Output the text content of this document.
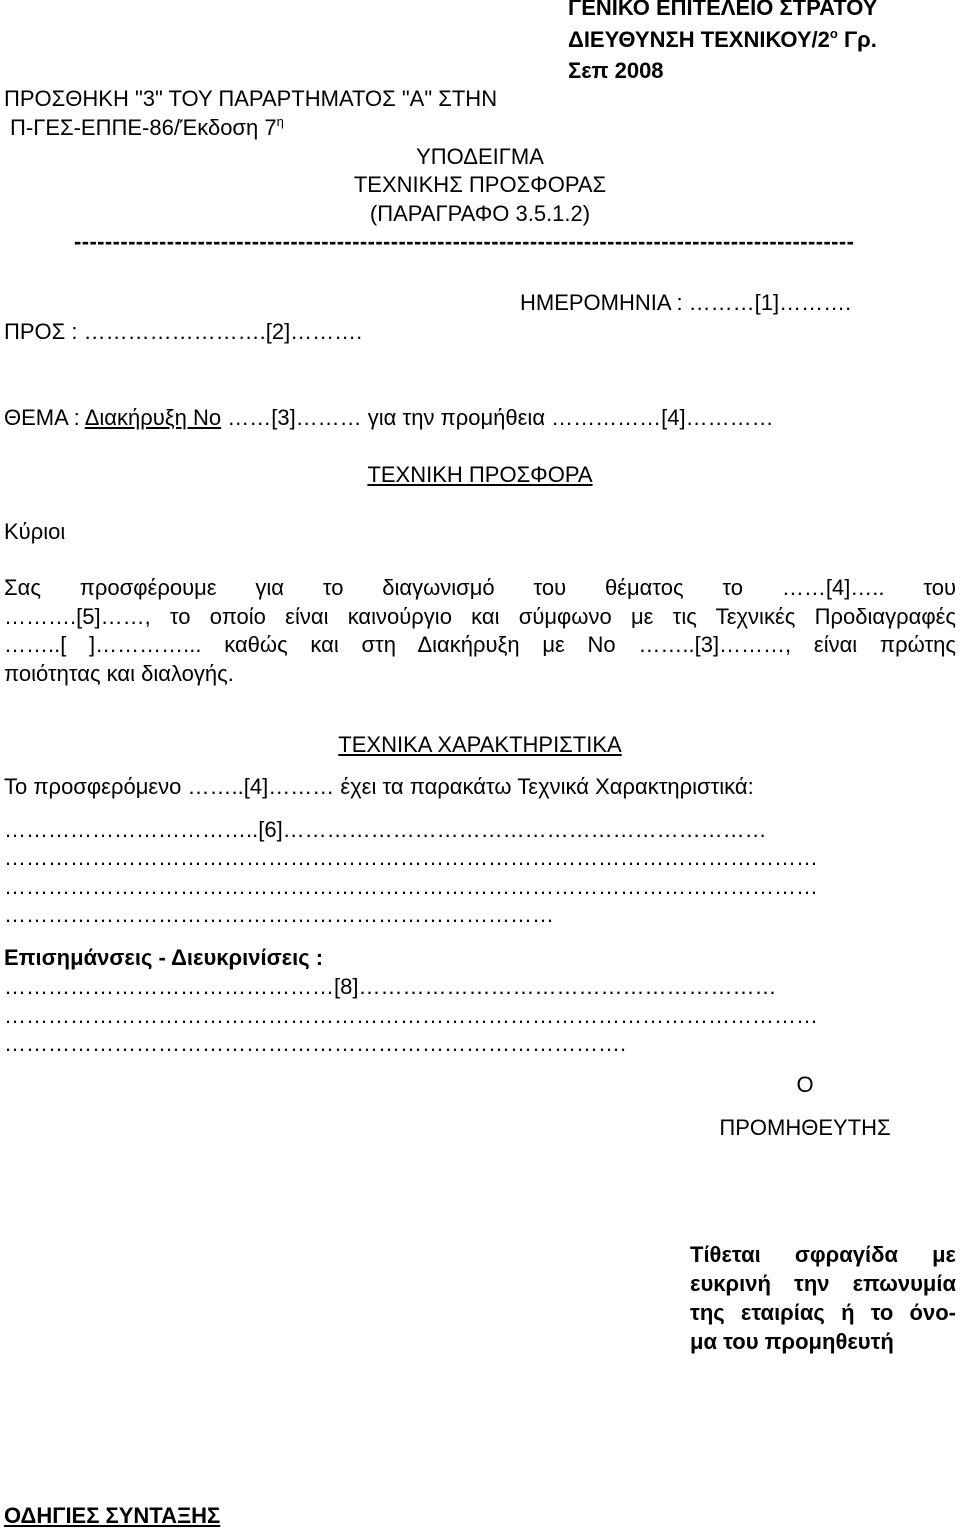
ΓΕΝΙΚΟ ΕΠΙΤΕΛΕΙΟ ΣΤΡΑΤΟΥ
ΔΙΕΥΘΥΝΣΗ ΤΕΧΝΙΚΟΥ/$2^o$ Γρ.
Σεπ 2008
ΠΡΟΣΘΗΚΗ "3" ΤΟΥ ΠΑΡΑΡΤΗΜΑΤΟΣ "Α" ΣΤΗΝ
Π-ΓΕΣ-ΕΠΠΕ-86/Έκδοση $7^\eta$
ΥΠΟΔΕΙΓΜΑ
ΤΕΧΝΙΚΗΣ ΠΡΟΣΦΟΡΑΣ
(ΠΑΡΑΓΡΑΦΟ 3.5.1.2)
-----------------------------------------------------------------------------------------------------
ΗΜΕΡΟΜΗΝΙΑ : ………[1]……….
ΠΡΟΣ : …………………….[2]……….
ΘΕΜΑ : Διακήρυξη Νο ……[3]……… για την προμήθεια ……………[4]…………
ΤΕΧΝΙΚΗ ΠΡΟΣΦΟΡΑ
Κύριοι
Σας προσφέρουμε για το διαγωνισμό του θέματος το ……[4]….. του
……….[5]……, το οποίο είναι καινούργιο και σύμφωνο με τις Τεχνικές Προδιαγραφές
……..[ ]…………... καθώς και στη Διακήρυξη με Νο ……..[3]………, είναι πρώτης
ποιότητας και διαλογής.
ΤΕΧΝΙΚΑ ΧΑΡΑΚΤΗΡΙΣΤΙΚΑ
Το προσφερόμενο ……..[4]……… έχει τα παρακάτω Τεχνικά Χαρακτηριστικά:
……………………………..[6]…………………………………………………………
…………………………………………………………………………………………………
…………………………………………………………………………………………………
…………………………………………………………………
Επισημάνσεις - Διευκρινίσεις :
………………………………………[8]…………………………………………………
…………………………………………………………………………………………………
………………………………………………………………………….
Ο
ΠΡΟΜΗΘΕΥΤΗΣ
Τίθεται σφραγίδα με
ευκρινή την επωνυμία
της εταιρίας ή το όνο-
μα του προμηθευτή
ΟΔΗΓΙΕΣ ΣΥΝΤΑΞΗΣ
